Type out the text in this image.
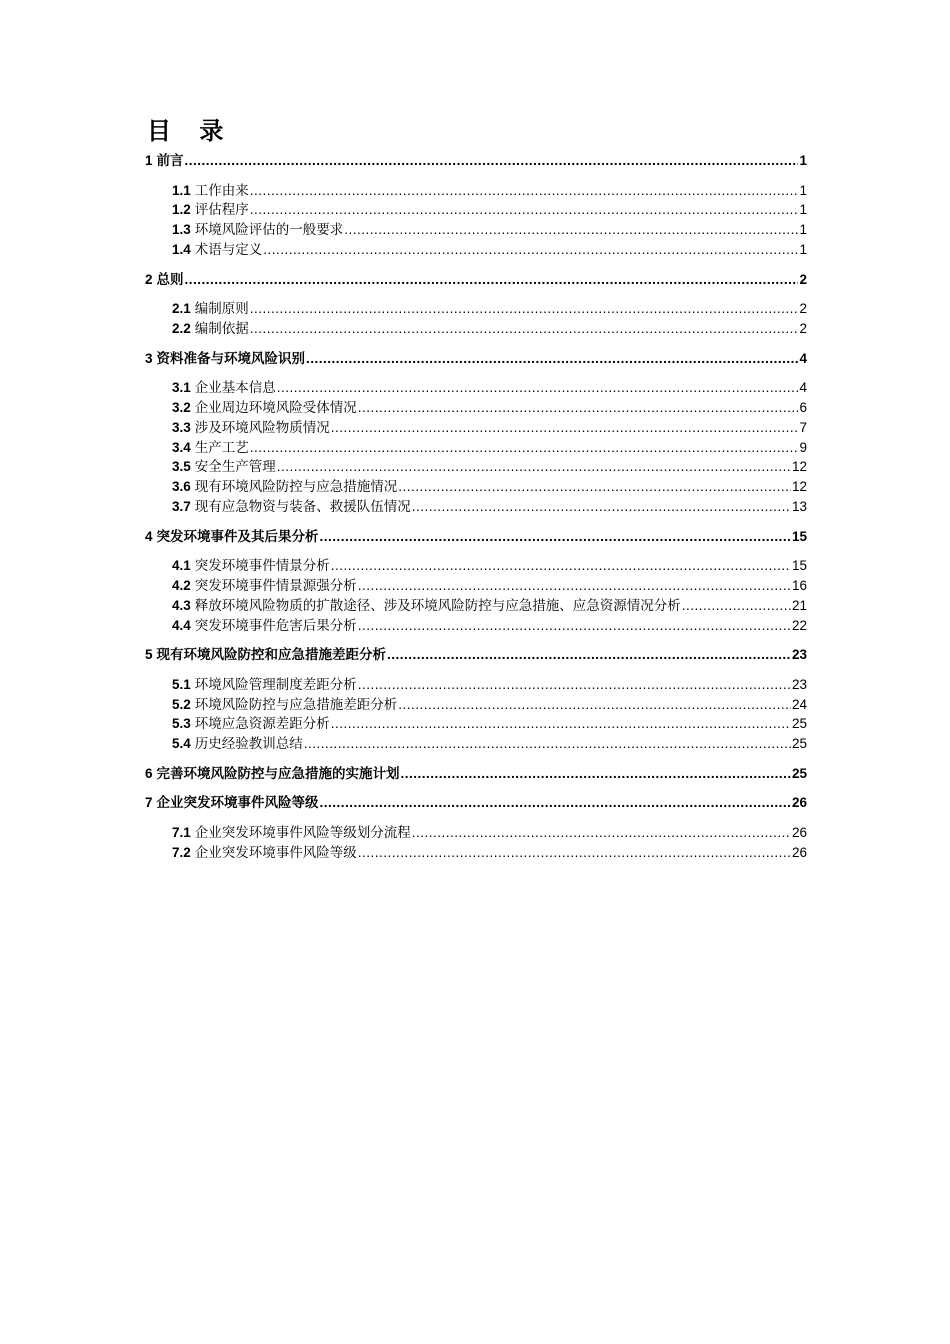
目 录
1 前言 .....	1
1.1 工作由来 .....	1
1.2 评估程序 .....	1
1.3 环境风险评估的一般要求 .....	1
1.4 术语与定义 .....	1
2 总则 .....	2
2.1 编制原则 .....	2
2.2 编制依据 .....	2
3 资料准备与环境风险识别 .....	4
3.1 企业基本信息 .....	4
3.2 企业周边环境风险受体情况 .....	6
3.3 涉及环境风险物质情况 .....	7
3.4 生产工艺 .....	9
3.5 安全生产管理 .....	12
3.6 现有环境风险防控与应急措施情况 .....	12
3.7 现有应急物资与装备、救援队伍情况 .....	13
4 突发环境事件及其后果分析 .....	15
4.1 突发环境事件情景分析 .....	15
4.2 突发环境事件情景源强分析 .....	16
4.3 释放环境风险物质的扩散途径、涉及环境风险防控与应急措施、应急资源情况分析 .....	21
4.4 突发环境事件危害后果分析 .....	22
5 现有环境风险防控和应急措施差距分析 .....	23
5.1 环境风险管理制度差距分析 .....	23
5.2 环境风险防控与应急措施差距分析 .....	24
5.3 环境应急资源差距分析 .....	25
5.4 历史经验教训总结 .....	25
6 完善环境风险防控与应急措施的实施计划 .....	25
7 企业突发环境事件风险等级 .....	26
7.1 企业突发环境事件风险等级划分流程 .....	26
7.2 企业突发环境事件风险等级 .....	26
